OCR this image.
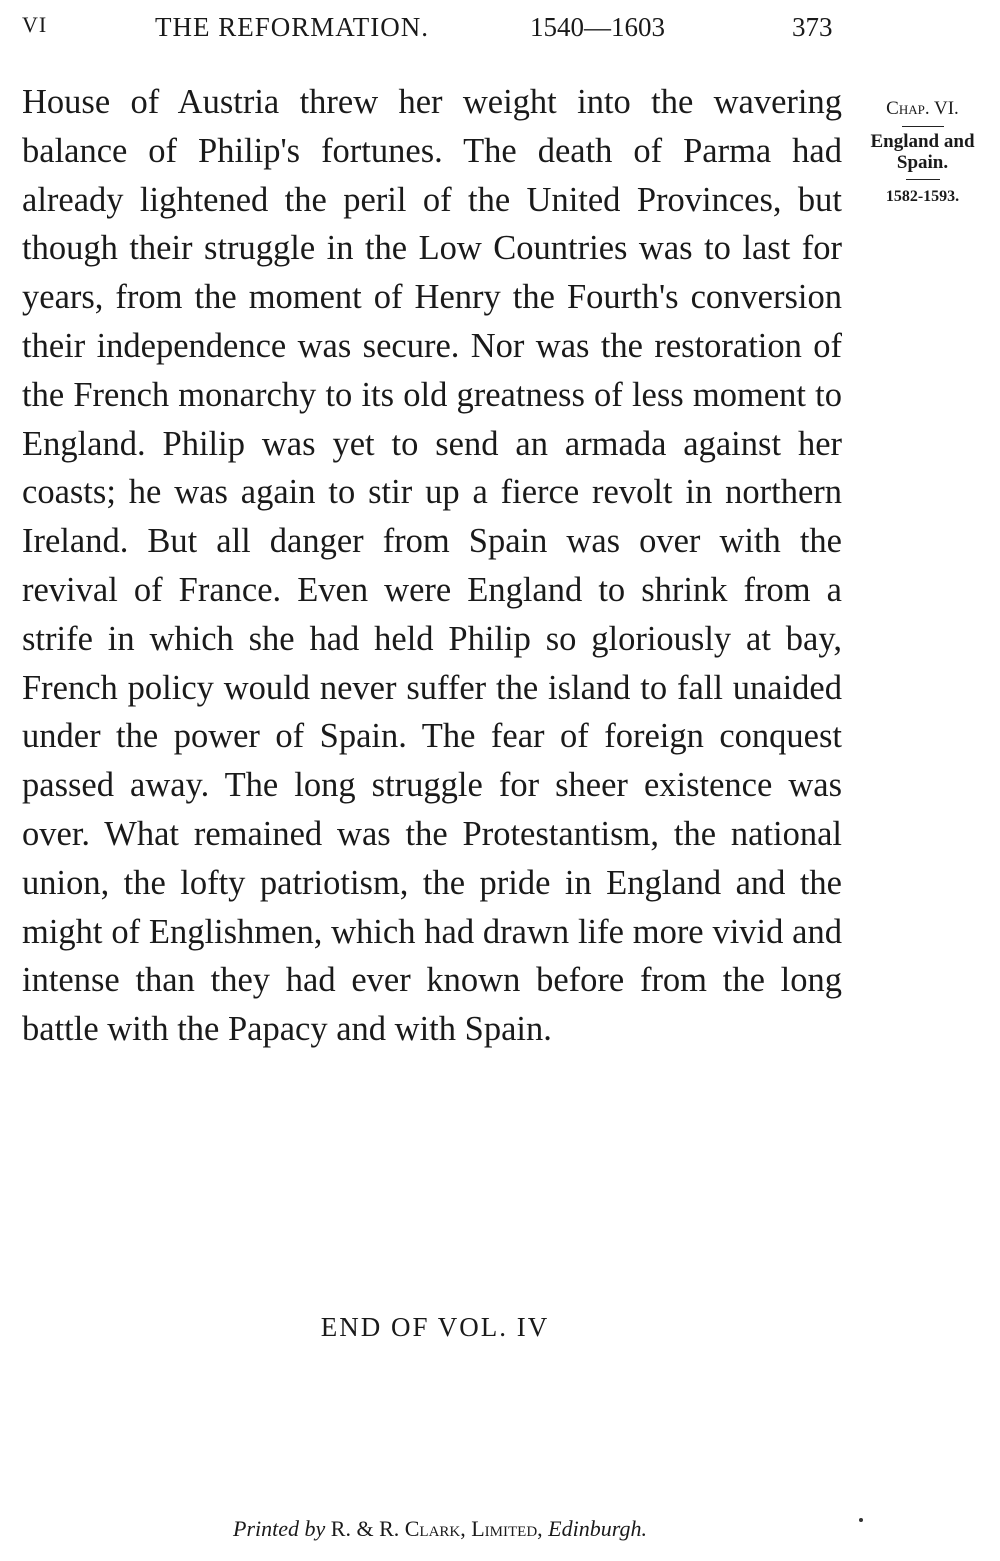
VI	THE REFORMATION.	1540—1603	373

House of Austria threw her weight into the wavering balance of Philip's fortunes. The death of Parma had already lightened the peril of the United Provinces, but though their struggle in the Low Countries was to last for years, from the moment of Henry the Fourth's conversion their independence was secure. Nor was the restoration of the French monarchy to its old greatness of less moment to England. Philip was yet to send an armada against her coasts; he was again to stir up a fierce revolt in northern Ireland. But all danger from Spain was over with the revival of France. Even were England to shrink from a strife in which she had held Philip so gloriously at bay, French policy would never suffer the island to fall unaided under the power of Spain. The fear of foreign conquest passed away. The long struggle for sheer existence was over. What remained was the Protestantism, the national union, the lofty patriotism, the pride in England and the might of Englishmen, which had drawn life more vivid and intense than they had ever known before from the long battle with the Papacy and with Spain.

Chap. VI.
England and Spain.
1582-1593.
END OF VOL. IV
Printed by R. & R. Clark, Limited, Edinburgh.
